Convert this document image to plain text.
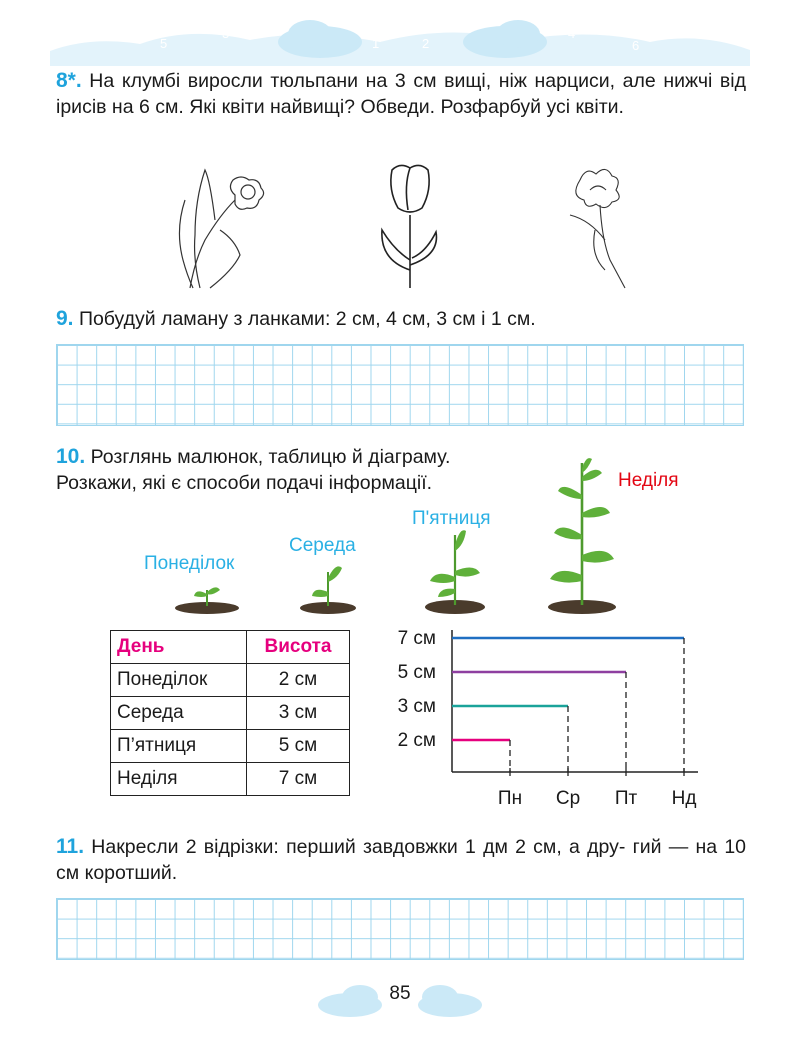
7
5
3
1
0
2
4
6
8
8*. На клумбі виросли тюльпани на 3 см вищі, ніж нарциси, але нижчі від ірисів на 6 см. Які квіти найвищі? Обведи. Розфарбуй усі квіти.
9. Побудуй ламану з ланками: 2 см, 4 см, 3 см і 1 см.
10. Розглянь малюнок, таблицю й діаграму.
Розкажи, які є способи подачі інформації.
Понеділок
Середа
П'ятниця
Неділя
День	Висота
Понеділок	2 см
Середа	3 см
П’ятниця	5 см
Неділя	7 см
Пн Ср Пт Нд
7 см
5 см
3 см
2 см
11. Накресли 2 відрізки: перший завдовжки 1 дм 2 см, а дру- гий — на 10 см коротший.
85
